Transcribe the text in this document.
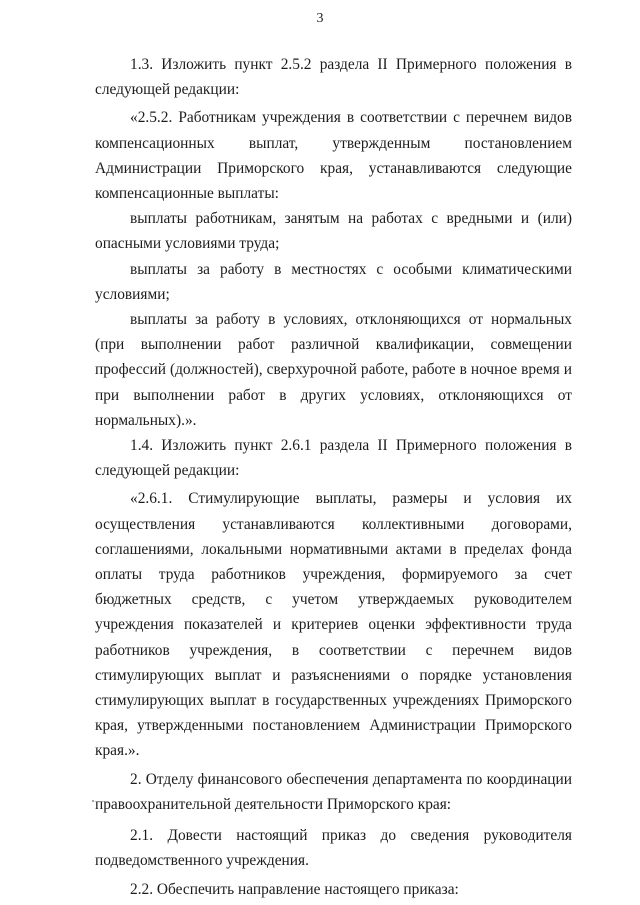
3

1.3. Изложить пункт 2.5.2 раздела II Примерного положения в следующей редакции:

«2.5.2. Работникам учреждения в соответствии с перечнем видов компенсационных выплат, утвержденным постановлением Администрации Приморского края, устанавливаются следующие компенсационные выплаты:

выплаты работникам, занятым на работах с вредными и (или) опасными условиями труда;

выплаты за работу в местностях с особыми климатическими условиями;

выплаты за работу в условиях, отклоняющихся от нормальных (при выполнении работ различной квалификации, совмещении профессий (должностей), сверхурочной работе, работе в ночное время и при выполнении работ в других условиях, отклоняющихся от нормальных).».

1.4. Изложить пункт 2.6.1 раздела II Примерного положения в следующей редакции:

«2.6.1. Стимулирующие выплаты, размеры и условия их осуществления устанавливаются коллективными договорами, соглашениями, локальными нормативными актами в пределах фонда оплаты труда работников учреждения, формируемого за счет бюджетных средств, с учетом утверждаемых руководителем учреждения показателей и критериев оценки эффективности труда работников учреждения, в соответствии с перечнем видов стимулирующих выплат и разъяснениями о порядке установления стимулирующих выплат в государственных учреждениях Приморского края, утвержденными постановлением Администрации Приморского края.».

2. Отделу финансового обеспечения департамента по координации правоохранительной деятельности Приморского края:

2.1. Довести настоящий приказ до сведения руководителя подведомственного учреждения.

2.2. Обеспечить направление настоящего приказа:
